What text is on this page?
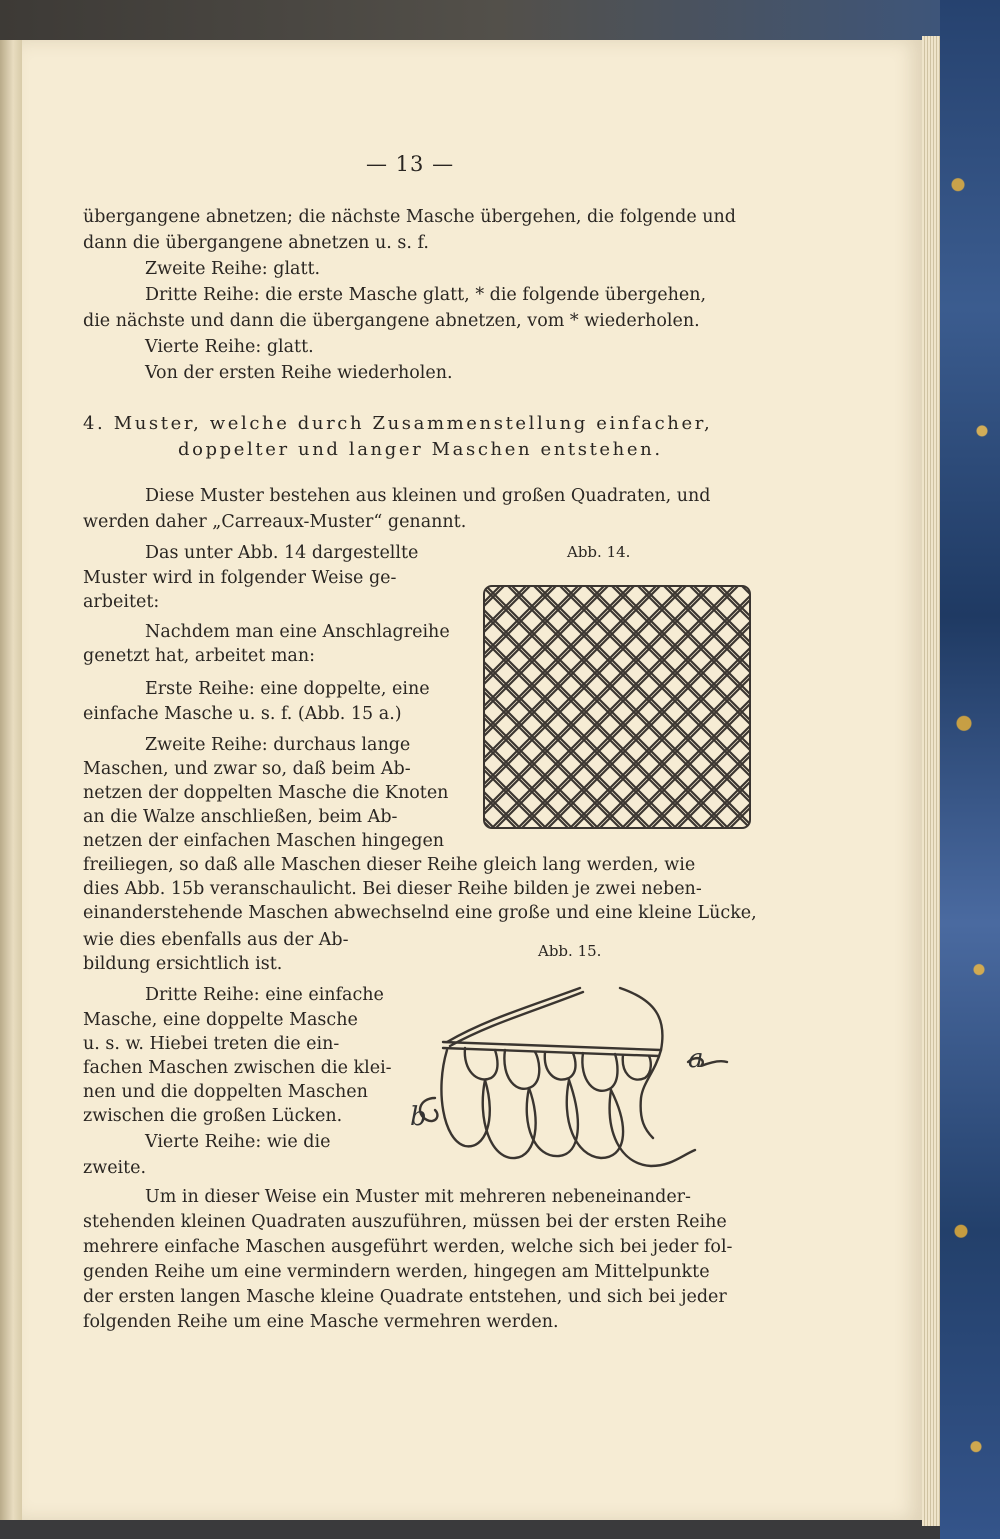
— 13 —
übergangene abnetzen; die nächste Masche übergehen, die folgende und
dann die übergangene abnetzen u. s. f.
Zweite Reihe: glatt.
Dritte Reihe: die erste Masche glatt, * die folgende übergehen,
die nächste und dann die übergangene abnetzen, vom * wiederholen.
Vierte Reihe: glatt.
Von der ersten Reihe wiederholen.
4. Muster, welche durch Zusammenstellung einfacher,
doppelter und langer Maschen entstehen.
Diese Muster bestehen aus kleinen und großen Quadraten, und
werden daher „Carreaux-Muster“ genannt.
Das unter Abb. 14 dargestellte
Muster wird in folgender Weise ge-
arbeitet:
Nachdem man eine Anschlagreihe
genetzt hat, arbeitet man:
Erste Reihe: eine doppelte, eine
einfache Masche u. s. f. (Abb. 15 a.)
Zweite Reihe: durchaus lange
Maschen, und zwar so, daß beim Ab-
netzen der doppelten Masche die Knoten
an die Walze anschließen, beim Ab-
netzen der einfachen Maschen hingegen
Abb. 14.
freiliegen, so daß alle Maschen dieser Reihe gleich lang werden, wie
dies Abb. 15b veranschaulicht. Bei dieser Reihe bilden je zwei neben-
einanderstehende Maschen abwechselnd eine große und eine kleine Lücke,
wie dies ebenfalls aus der Ab-
bildung ersichtlich ist.
Dritte Reihe: eine einfache
Masche, eine doppelte Masche
u. s. w. Hiebei treten die ein-
fachen Maschen zwischen die klei-
nen und die doppelten Maschen
zwischen die großen Lücken.
Vierte Reihe: wie die
zweite.
Abb. 15.
a
b
Um in dieser Weise ein Muster mit mehreren nebeneinander-
stehenden kleinen Quadraten auszuführen, müssen bei der ersten Reihe
mehrere einfache Maschen ausgeführt werden, welche sich bei jeder fol-
genden Reihe um eine vermindern werden, hingegen am Mittelpunkte
der ersten langen Masche kleine Quadrate entstehen, und sich bei jeder
folgenden Reihe um eine Masche vermehren werden.
